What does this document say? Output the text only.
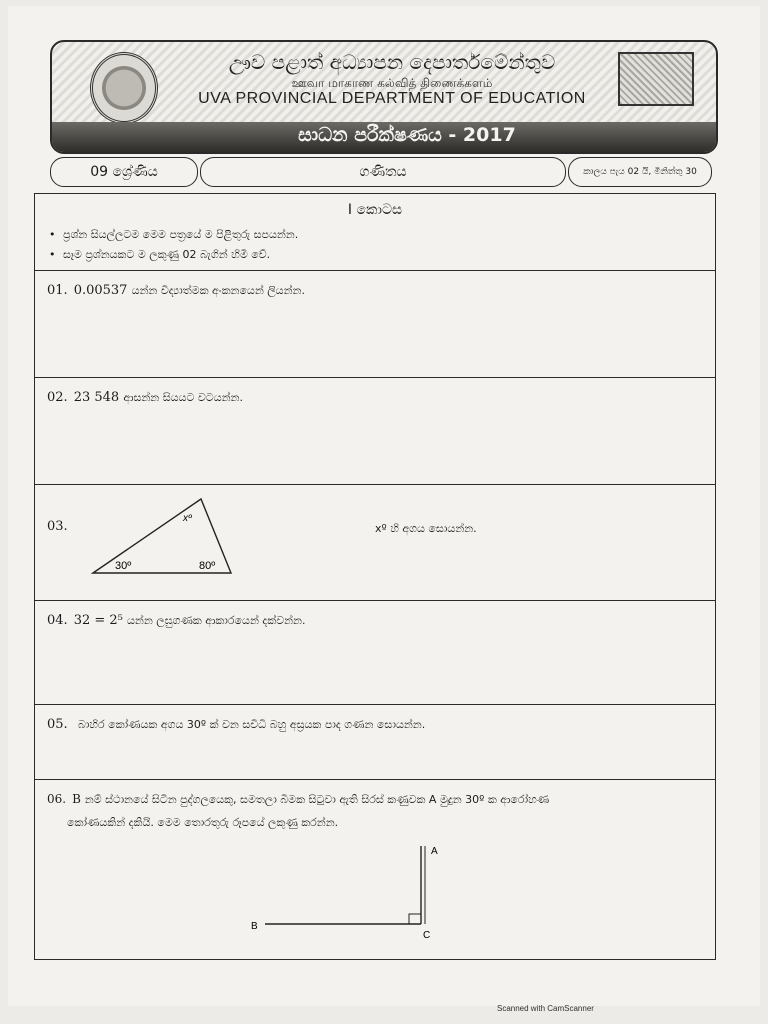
ඌව පළාත් අධ්‍යාපන දෙපාර්තමේන්තුව
ஊவா மாகாண கல்வித் திணைக்களம்
UVA PROVINCIAL DEPARTMENT OF EDUCATION
සාධන පරීක්ෂණය - 2017
09 ශ්‍රේණිය	ගණිතය	කාලය පැය 02 යි, මිනිත්තු 30
I කොටස
• ප්‍රශ්න සියල්ලටම මෙම පත්‍රයේ ම පිළිතුරු සපයන්න.
• සෑම ප්‍රශ්නයකට ම ලකුණු 02 බැගින් හිමි වේ.
01. 0.00537 යන්න විද්‍යාත්මක අංකනයෙන් ලියන්න.
02. 23 548 ආසන්න සියයට වටයන්න.
03.
xº
30º	80º
xº හි අගය සොයන්න.
04. 32 = 2⁵ යන්න ලඝුගණක ආකාරයෙන් දක්වන්න.
05. බාහිර කෝණයක අගය 30º ක් වන සවිධි බහු අස්‍රයක පාද ගණන සොයන්න.
06. B නම් ස්ථානයේ සිටින පුද්ගලයෙකු, සමතලා බිමක සිටුවා ඇති සිරස් කණුවක A මුදුන 30º ක ආරෝහණ
කෝණයකින් දකියි. මෙම තොරතුරු රූපයේ ලකුණු කරන්න.
A
B
C
Scanned with CamScanner
